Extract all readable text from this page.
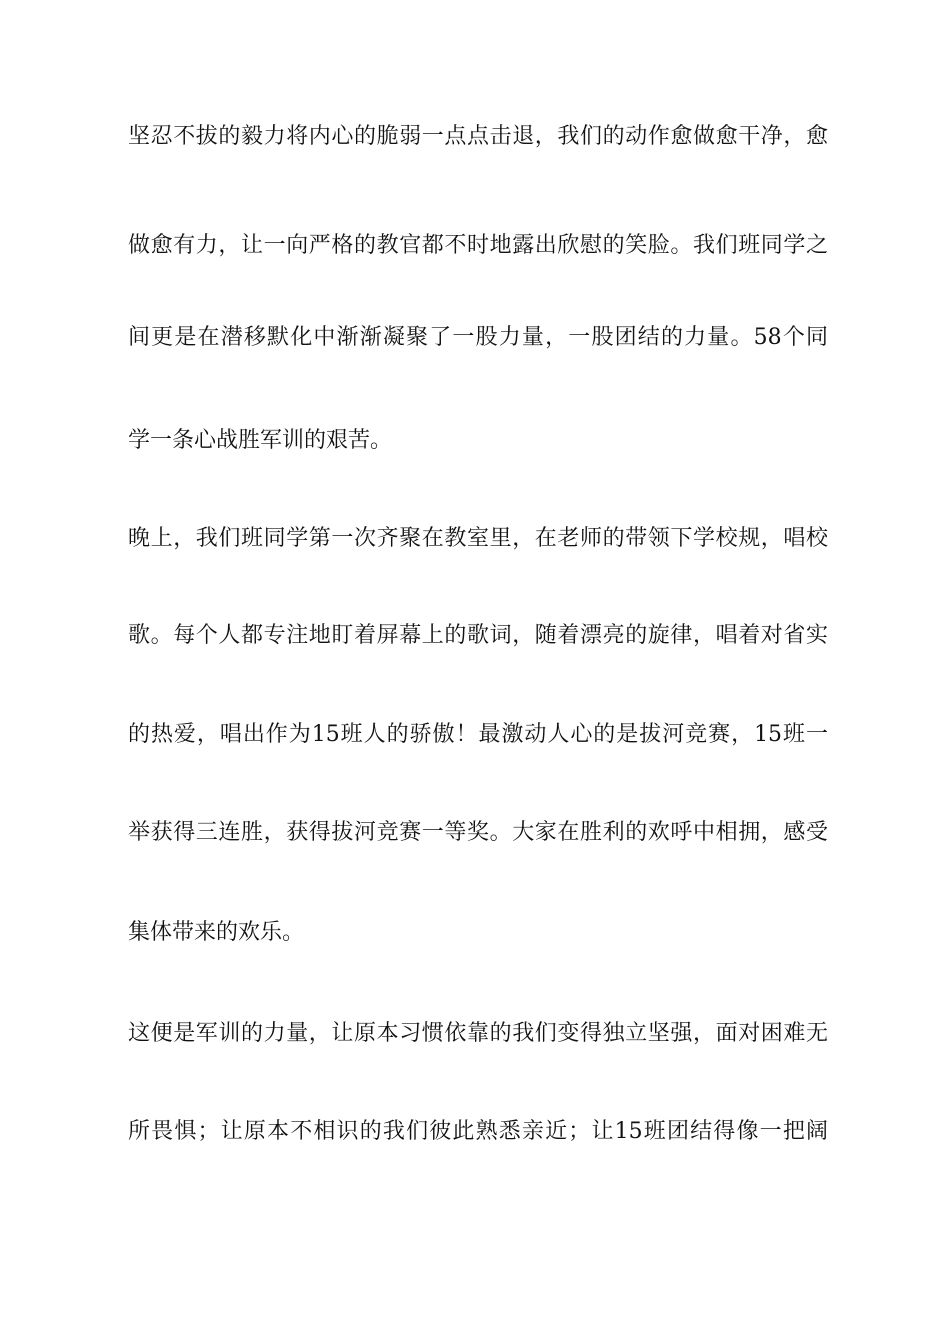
坚忍不拔的毅力将内心的脆弱一点点击退，我们的动作愈做愈干净，愈
做愈有力，让一向严格的教官都不时地露出欣慰的笑脸。我们班同学之
间更是在潜移默化中渐渐凝聚了一股力量，一股团结的力量。58个同
学一条心战胜军训的艰苦。
晚上，我们班同学第一次齐聚在教室里，在老师的带领下学校规，唱校
歌。每个人都专注地盯着屏幕上的歌词，随着漂亮的旋律，唱着对省实
的热爱，唱出作为15班人的骄傲！最激动人心的是拔河竞赛，15班一
举获得三连胜，获得拔河竞赛一等奖。大家在胜利的欢呼中相拥，感受
集体带来的欢乐。
这便是军训的力量，让原本习惯依靠的我们变得独立坚强，面对困难无
所畏惧；让原本不相识的我们彼此熟悉亲近；让15班团结得像一把阔
